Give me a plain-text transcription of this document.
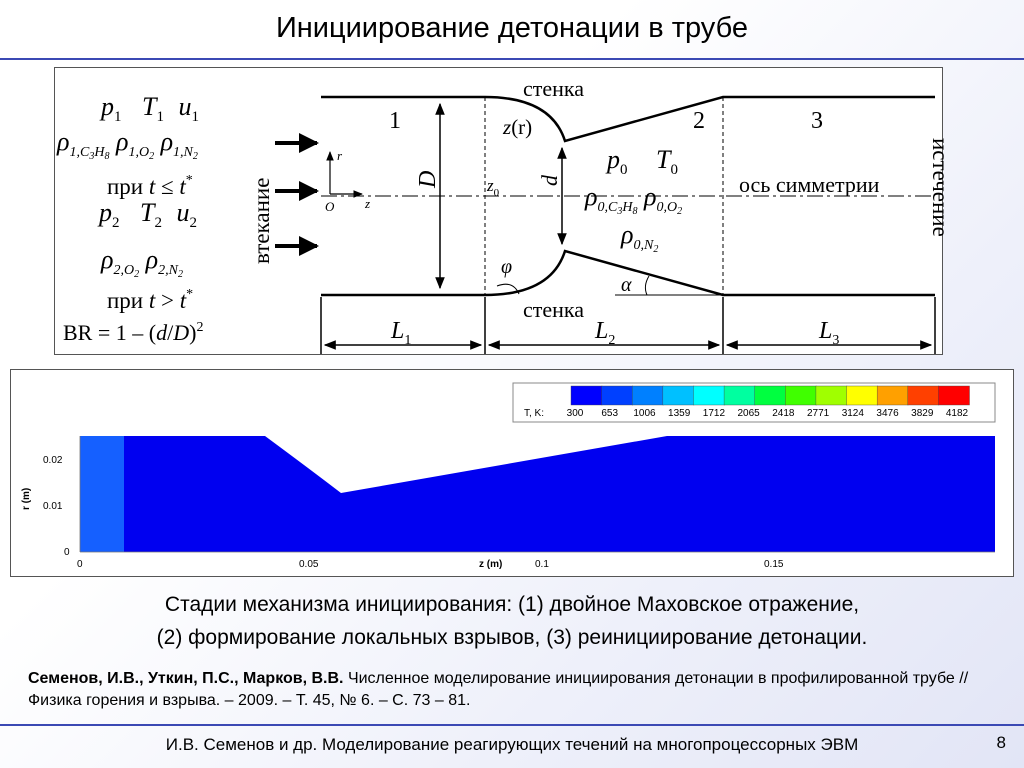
Инициирование детонации в трубе
$p_1$ $T_1$ $u_1$
$\rho_{1,C}3H8$ $\rho_{1,O}2$ $\rho_{1,N}2$
при t ≤ t*
$p_2$ $T_2$ $u_2$
$\rho_{2,O}2$ $\rho_{2,N}2$
при t > t*
BR = $1 - (d/D)^2$
втекание	истечение
r
z
O
D	d
1	2	3
стенка
стенка
z(r)
$z_0$
φ
α
$p_0$ $T_0$
ось симметрии
$\rho_{0,C}3H8$ $\rho_{0,O}2$
$\rho_0,N2$
$L_1$	$L_2$	$L_3$
T, K: 300 653 1006 1359 1712 2065 2418 2771 3124 3476 3829 4182
r (m)
z (m)
0.02
0.01
0
0	0.05	0.1	0.15
Стадии механизма инициирования: (1) двойное Маховское отражение,
(2) формирование локальных взрывов, (3) реинициирование детонации.
Семенов, И.В., Уткин, П.С., Марков, В.В. Численное моделирование инициирования детонации в профилированной трубе // Физика горения и взрыва. – 2009. – Т. 45, № 6. – С. 73 – 81.
И.В. Семенов и др. Моделирование реагирующих течений на многопроцессорных ЭВМ	8
